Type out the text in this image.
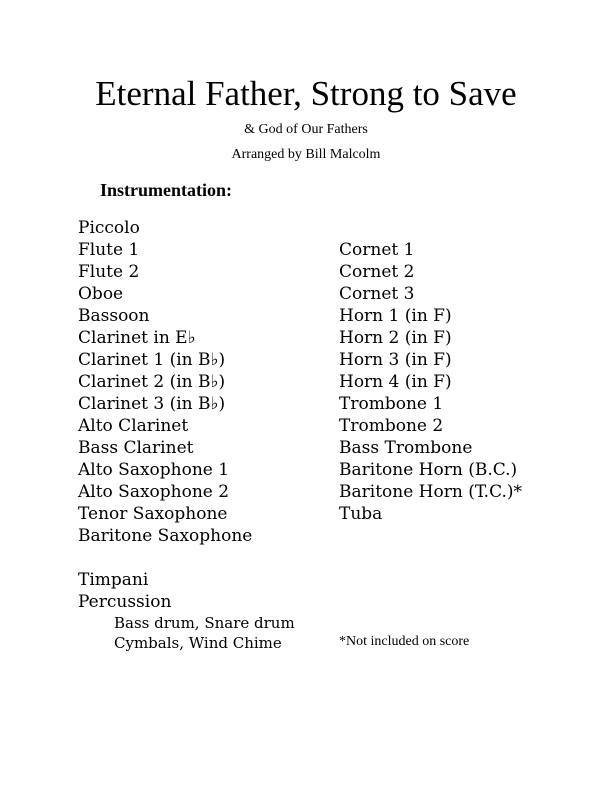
Eternal Father, Strong to Save
& God of Our Fathers
Arranged by Bill Malcolm
Instrumentation:
Piccolo
Flute 1
Flute 2
Oboe
Bassoon
Clarinet in E♭
Clarinet 1 (in B♭)
Clarinet 2 (in B♭)
Clarinet 3 (in B♭)
Alto Clarinet
Bass Clarinet
Alto Saxophone 1
Alto Saxophone 2
Tenor Saxophone
Baritone Saxophone
Cornet 1
Cornet 2
Cornet 3
Horn 1 (in F)
Horn 2 (in F)
Horn 3 (in F)
Horn 4 (in F)
Trombone 1
Trombone 2
Bass Trombone
Baritone Horn (B.C.)
Baritone Horn (T.C.)*
Tuba
Timpani
Percussion
Bass drum, Snare drum
Cymbals, Wind Chime	*Not included on score
